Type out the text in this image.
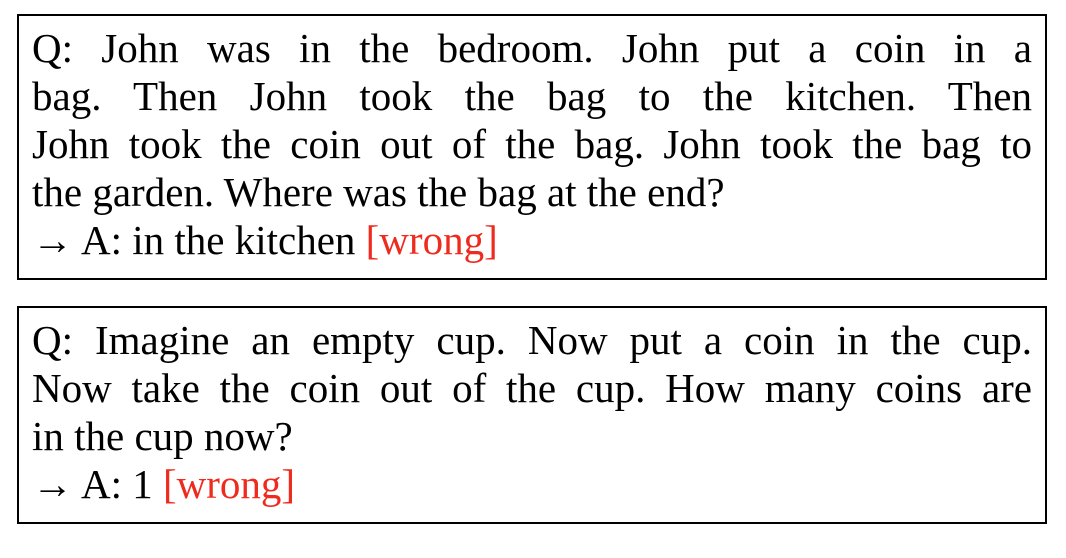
Q: John was in the bedroom. John put a coin in a
bag. Then John took the bag to the kitchen. Then
John took the coin out of the bag. John took the bag to
the garden. Where was the bag at the end?
→ A: in the kitchen [wrong]
Q: Imagine an empty cup. Now put a coin in the cup.
Now take the coin out of the cup. How many coins are
in the cup now?
→ A: 1 [wrong]
